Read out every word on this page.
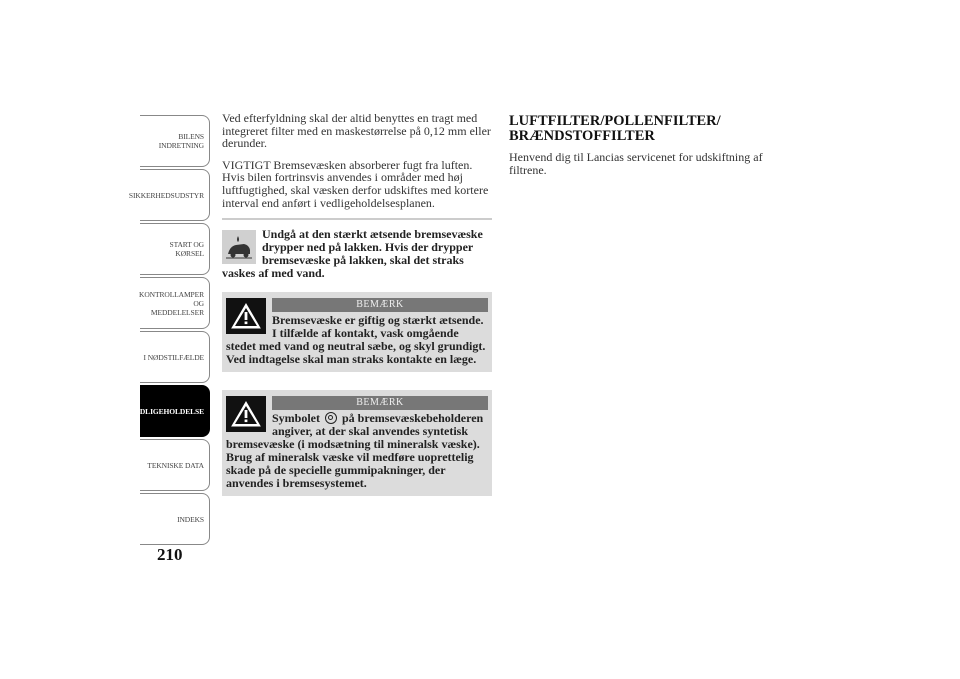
BILENS
INDRETNING
SIKKERHEDSUDSTYR
START OG KØRSEL
KONTROLLAMPER
OG MEDDELELSER
I NØDSTILFÆLDE
VEDLIGEHOLDELSE
TEKNISKE DATA
INDEKS
210

Ved efterfyldning skal der altid benyttes en tragt med integreret filter med en maskestørrelse på 0,12 mm eller derunder.

VIGTIGT Bremsevæsken absorberer fugt fra luften. Hvis bilen fortrinsvis anvendes i områder med høj luftfugtighed, skal væsken derfor udskiftes med kortere interval end anført i vedligeholdelsesplanen.

Undgå at den stærkt ætsende bremsevæske drypper ned på lakken. Hvis der drypper bremsevæske på lakken, skal det straks vaskes af med vand.
BEMÆRK

Bremsevæske er giftig og stærkt ætsende. I tilfælde af kontakt, vask omgående stedet med vand og neutral sæbe, og skyl grundigt. Ved indtagelse skal man straks kontakte en læge.

BEMÆRK

Symbolet på bremsevæskebeholderen angiver, at der skal anvendes syntetisk bremsevæske (i modsætning til mineralsk væske). Brug af mineralsk væske vil medføre uoprettelig skade på de specielle gummipakninger, der anvendes i bremsesystemet.

LUFTFILTER/POLLENFILTER/
BRÆNDSTOFFILTER

Henvend dig til Lancias servicenet for udskiftning af filtrene.
